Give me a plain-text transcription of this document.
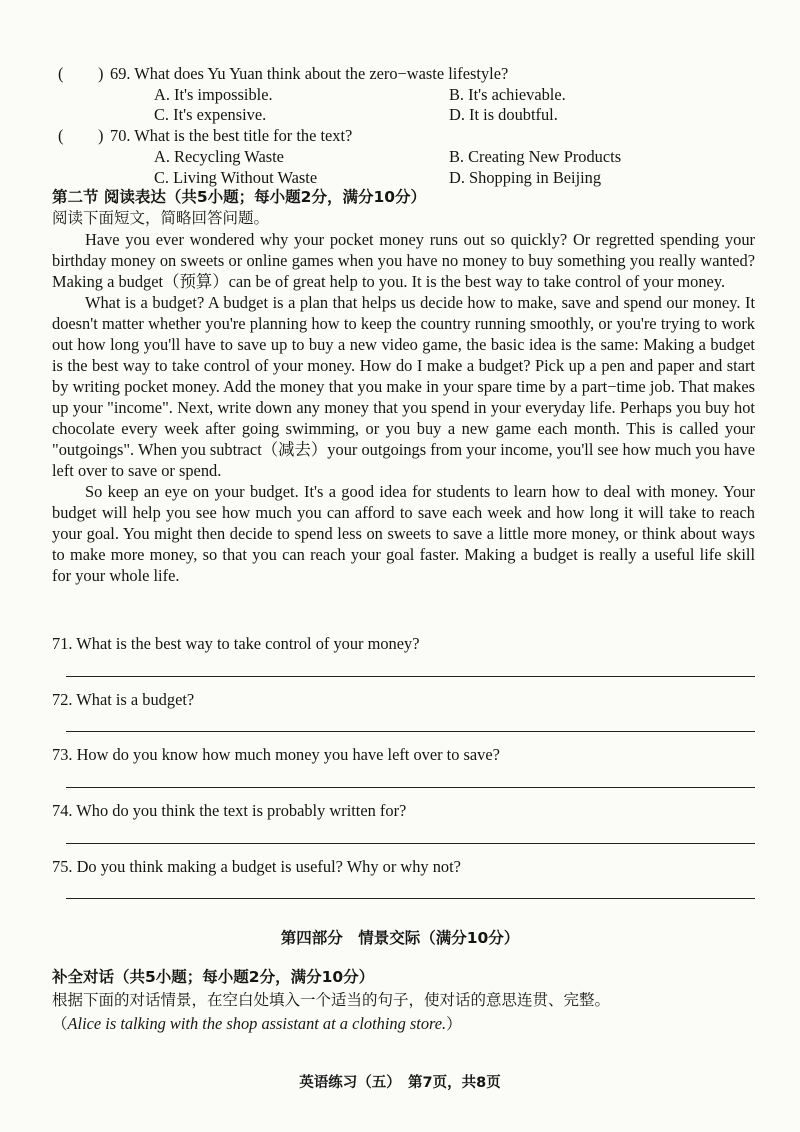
( ) 69. What does Yu Yuan think about the zero−waste lifestyle?
A. It's impossible.	B. It's achievable.
C. It's expensive.	D. It is doubtful.
( ) 70. What is the best title for the text?
A. Recycling Waste	B. Creating New Products
C. Living Without Waste	D. Shopping in Beijing
第二节 阅读表达（共5小题；每小题2分，满分10分）
阅读下面短文，简略回答问题。

Have you ever wondered why your pocket money runs out so quickly? Or regretted spending your birthday money on sweets or online games when you have no money to buy something you really wanted? Making a budget（预算）can be of great help to you. It is the best way to take control of your money.

What is a budget? A budget is a plan that helps us decide how to make, save and spend our money. It doesn't matter whether you're planning how to keep the country running smoothly, or you're trying to work out how long you'll have to save up to buy a new video game, the basic idea is the same: Making a budget is the best way to take control of your money. How do I make a budget? Pick up a pen and paper and start by writing pocket money. Add the money that you make in your spare time by a part−time job. That makes up your "income". Next, write down any money that you spend in your everyday life. Perhaps you buy hot chocolate every week after going swimming, or you buy a new game each month. This is called your "outgoings". When you subtract（减去）your outgoings from your income, you'll see how much you have left over to save or spend.

So keep an eye on your budget. It's a good idea for students to learn how to deal with money. Your budget will help you see how much you can afford to save each week and how long it will take to reach your goal. You might then decide to spend less on sweets to save a little more money, or think about ways to make more money, so that you can reach your goal faster. Making a budget is really a useful life skill for your whole life.

71. What is the best way to take control of your money?
72. What is a budget?
73. How do you know how much money you have left over to save?
74. Who do you think the text is probably written for?
75. Do you think making a budget is useful? Why or why not?
第四部分　情景交际（满分10分）
补全对话（共5小题；每小题2分，满分10分）
根据下面的对话情景，在空白处填入一个适当的句子，使对话的意思连贯、完整。
（Alice is talking with the shop assistant at a clothing store.）
英语练习（五）　第7页，共8页
